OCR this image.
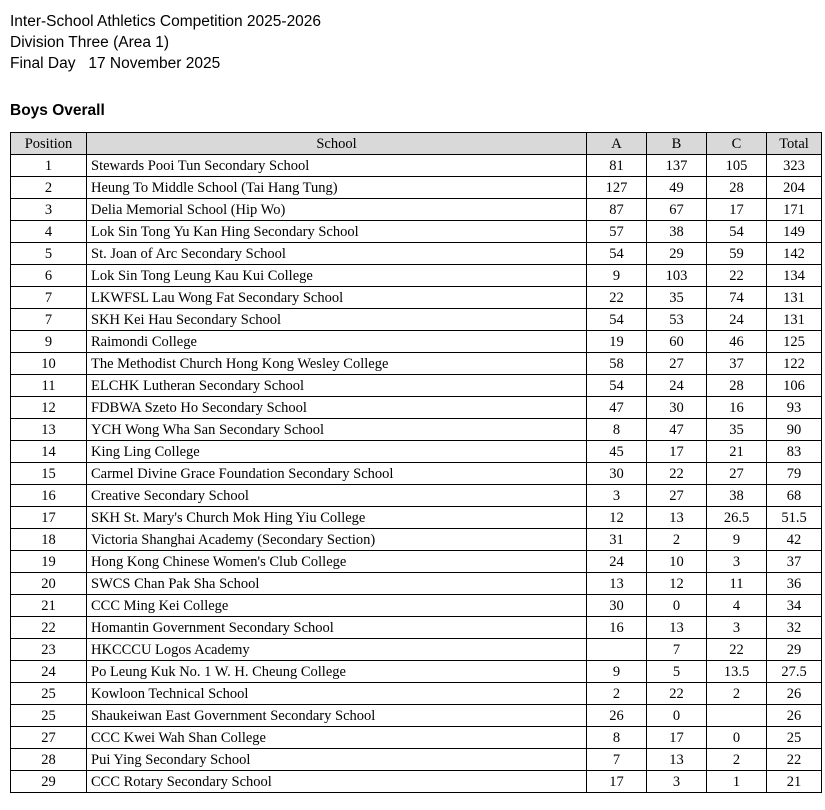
Inter-School Athletics Competition 2025-2026
Division Three (Area 1)
Final Day   17 November 2025
Boys Overall
Position	School	A	B	C	Total
1	Stewards Pooi Tun Secondary School	81	137	105	323
2	Heung To Middle School (Tai Hang Tung)	127	49	28	204
3	Delia Memorial School (Hip Wo)	87	67	17	171
4	Lok Sin Tong Yu Kan Hing Secondary School	57	38	54	149
5	St. Joan of Arc Secondary School	54	29	59	142
6	Lok Sin Tong Leung Kau Kui College	9	103	22	134
7	LKWFSL Lau Wong Fat Secondary School	22	35	74	131
7	SKH Kei Hau Secondary School	54	53	24	131
9	Raimondi College	19	60	46	125
10	The Methodist Church Hong Kong Wesley College	58	27	37	122
11	ELCHK Lutheran Secondary School	54	24	28	106
12	FDBWA Szeto Ho Secondary School	47	30	16	93
13	YCH Wong Wha San Secondary School	8	47	35	90
14	King Ling College	45	17	21	83
15	Carmel Divine Grace Foundation Secondary School	30	22	27	79
16	Creative Secondary School	3	27	38	68
17	SKH St. Mary's Church Mok Hing Yiu College	12	13	26.5	51.5
18	Victoria Shanghai Academy (Secondary Section)	31	2	9	42
19	Hong Kong Chinese Women's Club College	24	10	3	37
20	SWCS Chan Pak Sha School	13	12	11	36
21	CCC Ming Kei College	30	0	4	34
22	Homantin Government Secondary School	16	13	3	32
23	HKCCCU Logos Academy		7	22	29
24	Po Leung Kuk No. 1 W. H. Cheung College	9	5	13.5	27.5
25	Kowloon Technical School	2	22	2	26
25	Shaukeiwan East Government Secondary School	26	0		26
27	CCC Kwei Wah Shan College	8	17	0	25
28	Pui Ying Secondary School	7	13	2	22
29	CCC Rotary Secondary School	17	3	1	21
